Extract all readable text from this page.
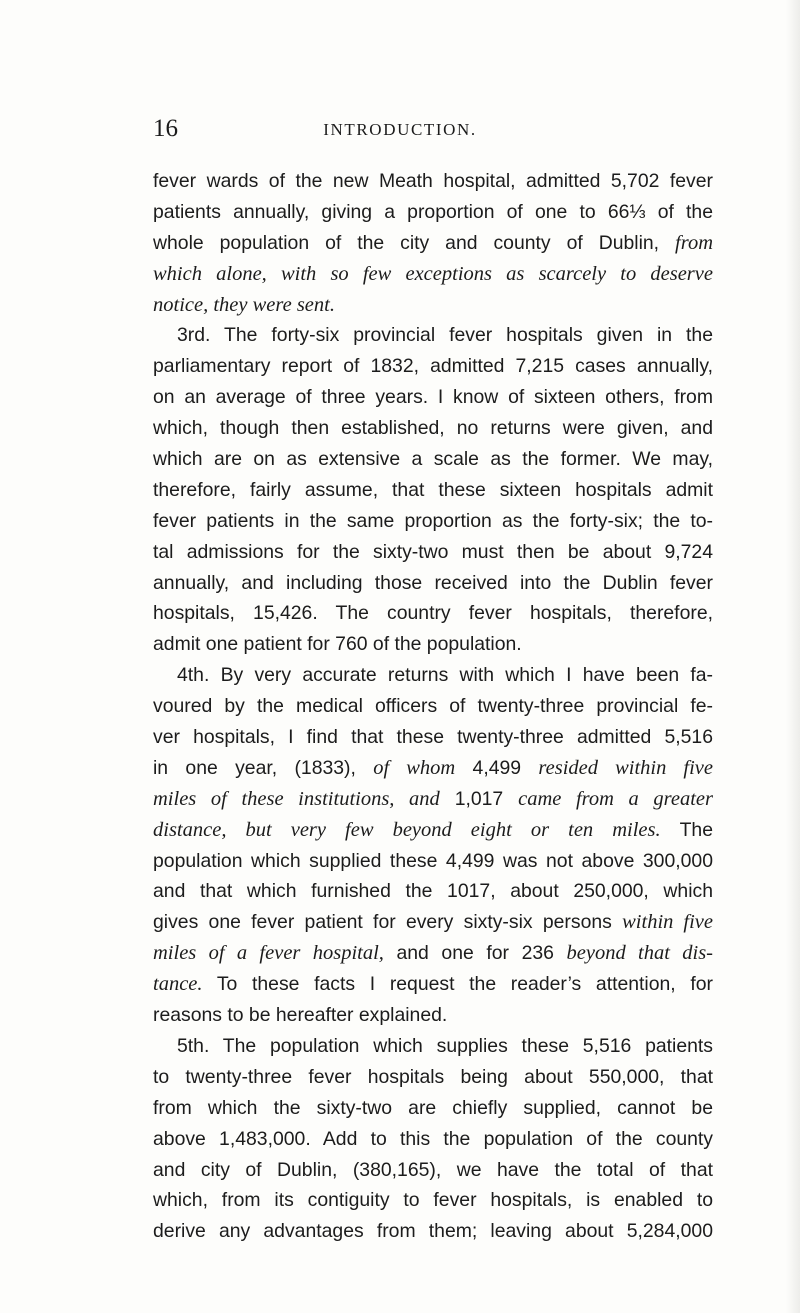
16	INTRODUCTION.
fever wards of the new Meath hospital, admitted 5,702 fever
patients annually, giving a proportion of one to 66⅓ of the
whole population of the city and county of Dublin, from
which alone, with so few exceptions as scarcely to deserve
notice, they were sent.
3rd. The forty-six provincial fever hospitals given in the
parliamentary report of 1832, admitted 7,215 cases annually,
on an average of three years. I know of sixteen others, from
which, though then established, no returns were given, and
which are on as extensive a scale as the former. We may,
therefore, fairly assume, that these sixteen hospitals admit
fever patients in the same proportion as the forty-six; the to-
tal admissions for the sixty-two must then be about 9,724
annually, and including those received into the Dublin fever
hospitals, 15,426. The country fever hospitals, therefore,
admit one patient for 760 of the population.
4th. By very accurate returns with which I have been fa-
voured by the medical officers of twenty-three provincial fe-
ver hospitals, I find that these twenty-three admitted 5,516
in one year, (1833), of whom 4,499 resided within five
miles of these institutions, and 1,017 came from a greater
distance, but very few beyond eight or ten miles. The
population which supplied these 4,499 was not above 300,000
and that which furnished the 1017, about 250,000, which
gives one fever patient for every sixty-six persons within five
miles of a fever hospital, and one for 236 beyond that dis-
tance. To these facts I request the reader’s attention, for
reasons to be hereafter explained.
5th. The population which supplies these 5,516 patients
to twenty-three fever hospitals being about 550,000, that
from which the sixty-two are chiefly supplied, cannot be
above 1,483,000. Add to this the population of the county
and city of Dublin, (380,165), we have the total of that
which, from its contiguity to fever hospitals, is enabled to
derive any advantages from them; leaving about 5,284,000
